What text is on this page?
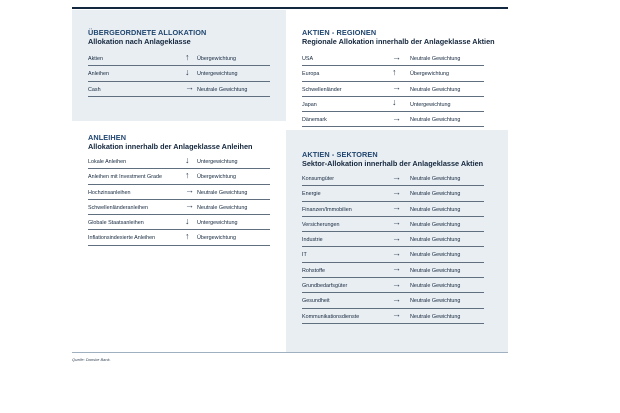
ÜBERGEORDNETE ALLOKATION
Allokation nach Anlageklasse
Aktien	↑ Übergewichtung
Anleihen	↓ Untergewichtung
Cash	→ Neutrale Gewichtung
AKTIEN - REGIONEN
Regionale Allokation innerhalb der Anlageklasse Aktien
USA	→ Neutrale Gewichtung
Europa	↑	Übergewichtung
Schwellenländer	→ Neutrale Gewichtung
Japan	↓	Untergewichtung
Dänemark	→ Neutrale Gewichtung
ANLEIHEN
Allokation innerhalb der Anlageklasse Anleihen
Lokale Anleihen	↓ Untergewichtung
Anleihen mit Investment Grade	↑ Übergewichtung
Hochzinsanleihen	→ Neutrale Gewichtung
Schwellenländeranleihen	→ Neutrale Gewichtung
Globale Staatsanleihen	↓ Untergewichtung
Inflationsindexierte Anleihen	↑ Übergewichtung
AKTIEN - SEKTOREN
Sektor-Allokation innerhalb der Anlageklasse Aktien
Konsumgüter	→ Neutrale Gewichtung
Energie	→ Neutrale Gewichtung
Finanzen/Immobilien	→ Neutrale Gewichtung
Versicherungen	→ Neutrale Gewichtung
Industrie	→ Neutrale Gewichtung
IT	→ Neutrale Gewichtung
Rohstoffe	→ Neutrale Gewichtung
Grundbedarfsgüter	→ Neutrale Gewichtung
Gesundheit	→ Neutrale Gewichtung
Kommunikationsdienste	→ Neutrale Gewichtung
Quelle: Danske Bank.
